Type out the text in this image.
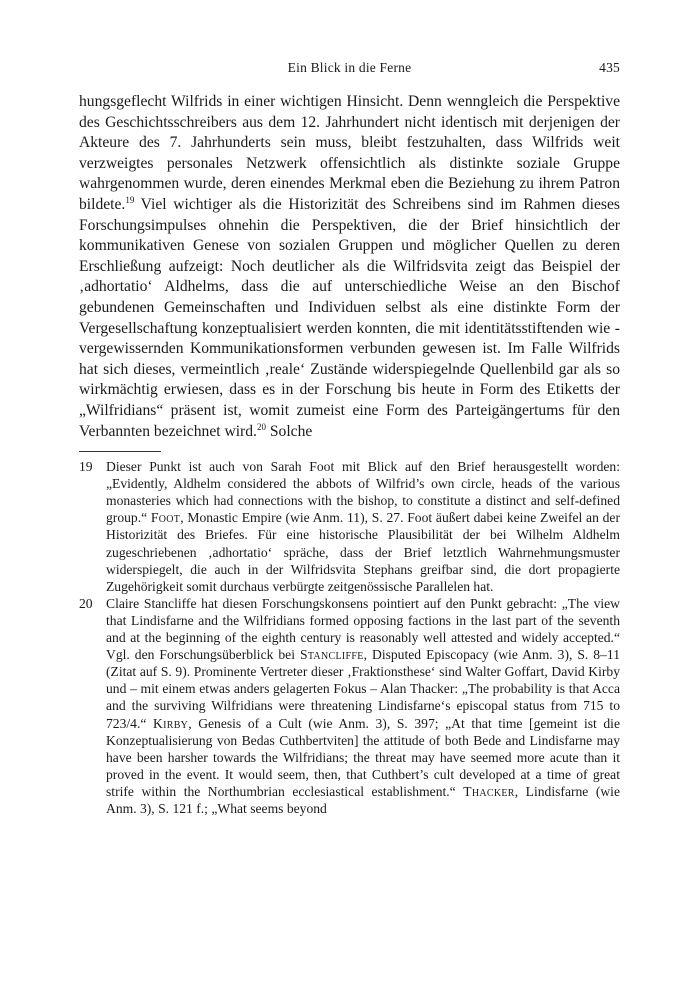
Ein Blick in die Ferne	435

hungsgeflecht Wilfrids in einer wichtigen Hinsicht. Denn wenngleich die Perspektive des Geschichtsschreibers aus dem 12. Jahrhundert nicht identisch mit derjenigen der Akteure des 7. Jahrhunderts sein muss, bleibt festzuhalten, dass Wilfrids weit verzweigtes personales Netzwerk offensichtlich als distinkte soziale Gruppe wahrgenommen wurde, deren einendes Merkmal eben die Beziehung zu ihrem Patron bildete.$^{19}$ Viel wichtiger als die Historizität des Schreibens sind im Rahmen dieses Forschungsimpulses ohnehin die Perspektiven, die der Brief hinsichtlich der kommunikativen Genese von sozialen Gruppen und möglicher Quellen zu deren Erschließung aufzeigt: Noch deutlicher als die Wilfridsvita zeigt das Beispiel der ‚adhortatio‘ Aldhelms, dass die auf unterschiedliche Weise an den Bischof gebundenen Gemeinschaften und Individuen selbst als eine distinkte Form der Vergesellschaftung konzeptualisiert werden konnten, die mit identitätsstiftenden wie -vergewissernden Kommunikationsformen verbunden gewesen ist. Im Falle Wilfrids hat sich dieses, vermeintlich ‚reale‘ Zustände widerspiegelnde Quellenbild gar als so wirkmächtig erwiesen, dass es in der Forschung bis heute in Form des Etiketts der „Wilfridians“ präsent ist, womit zumeist eine Form des Parteigängertums für den Verbannten bezeichnet wird.$^{20}$ Solche

19 Dieser Punkt ist auch von Sarah Foot mit Blick auf den Brief herausgestellt worden: „Evidently, Aldhelm considered the abbots of Wilfrid’s own circle, heads of the various monasteries which had connections with the bishop, to constitute a distinct and self-defined group.“ Foot, Monastic Empire (wie Anm. 11), S. 27. Foot äußert dabei keine Zweifel an der Historizität des Briefes. Für eine historische Plausibilität der bei Wilhelm Aldhelm zugeschriebenen ‚adhortatio‘ spräche, dass der Brief letztlich Wahrnehmungsmuster widerspiegelt, die auch in der Wilfridsvita Stephans greifbar sind, die dort propagierte Zugehörigkeit somit durchaus verbürgte zeitgenössische Parallelen hat.
20 Claire Stancliffe hat diesen Forschungskonsens pointiert auf den Punkt gebracht: „The view that Lindisfarne and the Wilfridians formed opposing factions in the last part of the seventh and at the beginning of the eighth century is reasonably well attested and widely accepted.“ Vgl. den Forschungsüberblick bei Stancliffe, Disputed Episcopacy (wie Anm. 3), S. 8–11 (Zitat auf S. 9). Prominente Vertreter dieser ‚Fraktionsthese‘ sind Walter Goffart, David Kirby und – mit einem etwas anders gelagerten Fokus – Alan Thacker: „The probability is that Acca and the surviving Wilfridians were threatening Lindisfarne‘s episcopal status from 715 to 723/4.“ Kirby, Genesis of a Cult (wie Anm. 3), S. 397; „At that time [gemeint ist die Konzeptualisierung von Bedas Cuthbertviten] the attitude of both Bede and Lindisfarne may have been harsher towards the Wilfridians; the threat may have seemed more acute than it proved in the event. It would seem, then, that Cuthbert’s cult developed at a time of great strife within the Northumbrian ecclesiastical establishment.“ Thacker, Lindisfarne (wie Anm. 3), S. 121 f.; „What seems beyond
